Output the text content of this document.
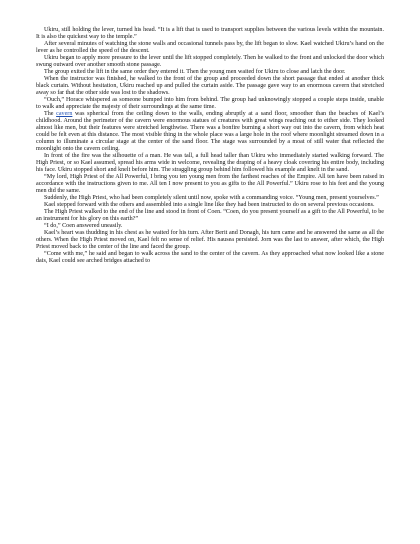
Ukiru, still holding the lever, turned his head. “It is a lift that is used to transport supplies between the various levels within the mountain. It is also the quickest way to the temple.”

After several minutes of watching the stone walls and occasional tunnels pass by, the lift began to slow. Kael watched Ukiru’s hand on the lever as he controlled the speed of the descent.

Ukiru began to apply more pressure to the lever until the lift stopped completely. Then he walked to the front and unlocked the door which swung outward over another smooth stone passage.

The group exited the lift in the same order they entered it. Then the young men waited for Ukiru to close and latch the door.

When the instructor was finished, he walked to the front of the group and proceeded down the short passage that ended at another thick black curtain. Without hesitation, Ukiru reached up and pulled the curtain aside. The passage gave way to an enormous cavern that stretched away so far that the other side was lost to the shadows.

“Ouch,” Horace whispered as someone bumped into him from behind. The group had unknowingly stopped a couple steps inside, unable to walk and appreciate the majesty of their surroundings at the same time.

The cavern was spherical from the ceiling down to the walls, ending abruptly at a sand floor, smoother than the beaches of Kael’s childhood. Around the perimeter of the cavern were enormous statues of creatures with great wings reaching out to either side. They looked almost like men, but their features were stretched lengthwise. There was a bonfire burning a short way out into the cavern, from which heat could be felt even at this distance. The most visible thing in the whole place was a large hole in the roof where moonlight streamed down in a column to illuminate a circular stage at the center of the sand floor. The stage was surrounded by a moat of still water that reflected the moonlight onto the cavern ceiling.

In front of the fire was the silhouette of a man. He was tall, a full head taller than Ukiru who immediately started walking forward. The High Priest, or so Kael assumed, spread his arms wide in welcome, revealing the draping of a heavy cloak covering his entire body, including his face. Ukiru stopped short and knelt before him. The straggling group behind him followed his example and knelt in the sand.

“My lord, High Priest of the All Powerful, I bring you ten young men from the farthest reaches of the Empire. All ten have been raised in accordance with the instructions given to me. All ten I now present to you as gifts to the All Powerful.” Ukiru rose to his feet and the young men did the same.

Suddenly, the High Priest, who had been completely silent until now, spoke with a commanding voice. “Young men, present yourselves.”

Kael stepped forward with the others and assembled into a single line like they had been instructed to do on several previous occasions.

The High Priest walked to the end of the line and stood in front of Coen. “Coen, do you present yourself as a gift to the All Powerful, to be an instrument for his glory on this earth?”

“I do,” Coen answered uneasily.

Kael’s heart was thudding in his chest as he waited for his turn. After Berit and Donagh, his turn came and he answered the same as all the others. When the High Priest moved on, Kael felt no sense of relief. His nausea persisted. Jorn was the last to answer, after which, the High Priest moved back to the center of the line and faced the group.

“Come with me,” he said and began to walk across the sand to the center of the cavern. As they approached what now looked like a stone dais, Kael could see arched bridges attached to
